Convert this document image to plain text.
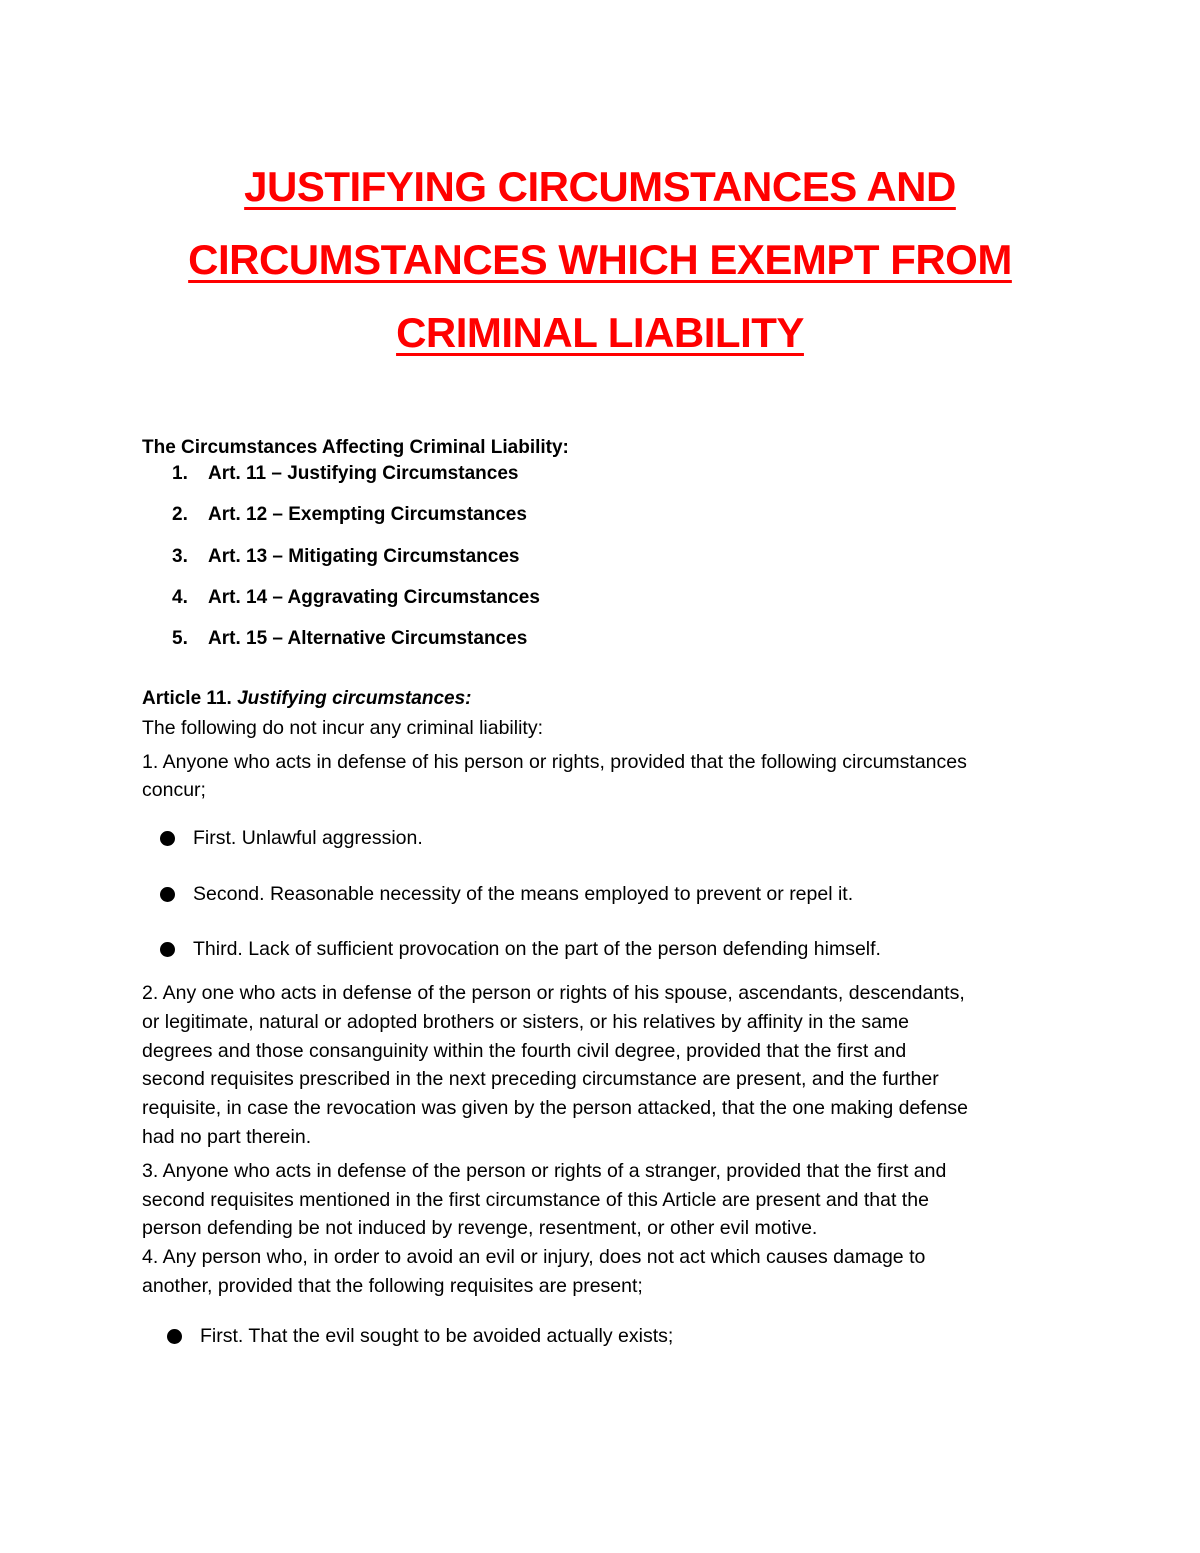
JUSTIFYING CIRCUMSTANCES AND
CIRCUMSTANCES WHICH EXEMPT FROM
CRIMINAL LIABILITY
The Circumstances Affecting Criminal Liability:
1.	Art. 11 – Justifying Circumstances
2.	Art. 12 – Exempting Circumstances
3.	Art. 13 – Mitigating Circumstances
4.	Art. 14 – Aggravating Circumstances
5.	Art. 15 – Alternative Circumstances
Article 11. Justifying circumstances:
The following do not incur any criminal liability:
1. Anyone who acts in defense of his person or rights, provided that the following circumstances
concur;
First. Unlawful aggression.
Second. Reasonable necessity of the means employed to prevent or repel it.
Third. Lack of sufficient provocation on the part of the person defending himself.
2. Any one who acts in defense of the person or rights of his spouse, ascendants, descendants,
or legitimate, natural or adopted brothers or sisters, or his relatives by affinity in the same
degrees and those consanguinity within the fourth civil degree, provided that the first and
second requisites prescribed in the next preceding circumstance are present, and the further
requisite, in case the revocation was given by the person attacked, that the one making defense
had no part therein.
3. Anyone who acts in defense of the person or rights of a stranger, provided that the first and
second requisites mentioned in the first circumstance of this Article are present and that the
person defending be not induced by revenge, resentment, or other evil motive.
4. Any person who, in order to avoid an evil or injury, does not act which causes damage to
another, provided that the following requisites are present;
First. That the evil sought to be avoided actually exists;
